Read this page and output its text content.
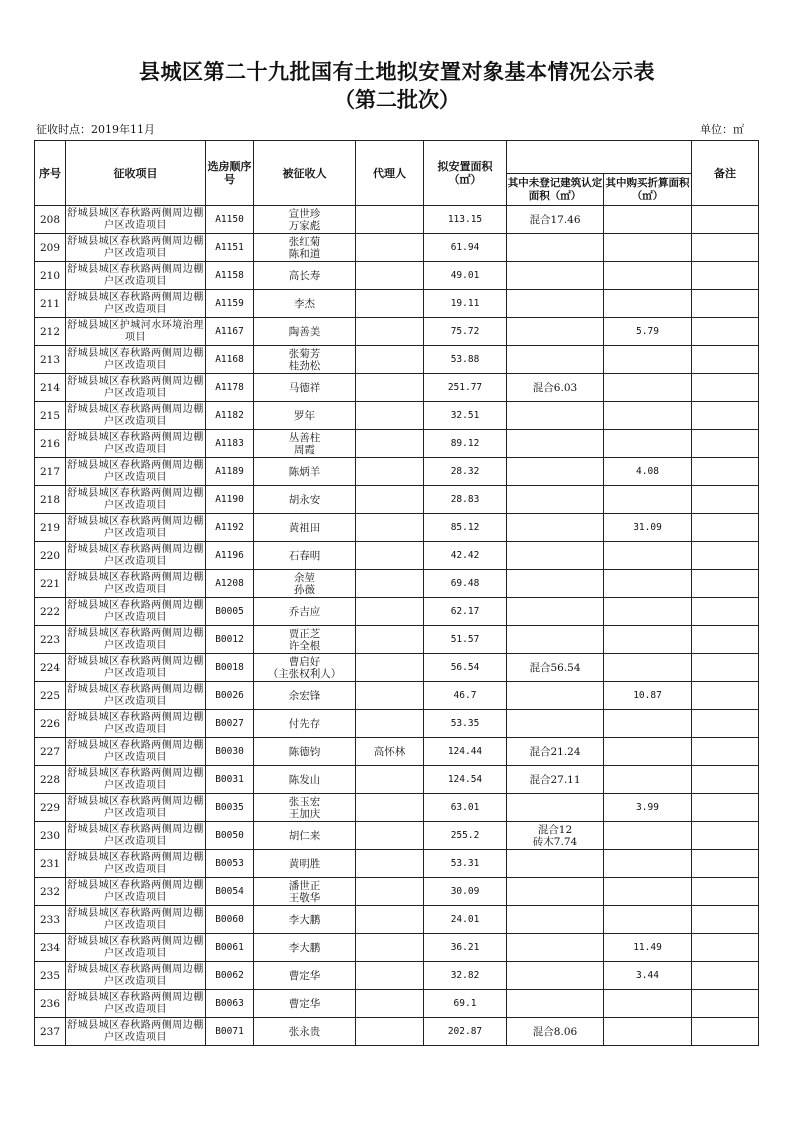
县城区第二十九批国有土地拟安置对象基本情况公示表
（第二批次）
征收时点：2019年11月	单位：㎡
序号	征收项目	选房顺序号	被征收人	代理人	拟安置面积（㎡）			备注
						其中未登记建筑认定面积（㎡）	其中购买折算面积（㎡）	
208	舒城县城区春秋路两侧周边棚户区改造项目	A1150	宣世珍
万家彪		113.15	混合17.46		
209	舒城县城区春秋路两侧周边棚户区改造项目	A1151	张红菊
陈和道		61.94			
210	舒城县城区春秋路两侧周边棚户区改造项目	A1158	高长寿		49.01			
211	舒城县城区春秋路两侧周边棚户区改造项目	A1159	李杰		19.11			
212	舒城县城区护城河水环境治理项目	A1167	陶善美		75.72		5.79	
213	舒城县城区春秋路两侧周边棚户区改造项目	A1168	张菊芳
桂劲松		53.88			
214	舒城县城区春秋路两侧周边棚户区改造项目	A1178	马德祥		251.77	混合6.03		
215	舒城县城区春秋路两侧周边棚户区改造项目	A1182	罗年		32.51			
216	舒城县城区春秋路两侧周边棚户区改造项目	A1183	丛善柱
周霞		89.12			
217	舒城县城区春秋路两侧周边棚户区改造项目	A1189	陈炳羊		28.32		4.08	
218	舒城县城区春秋路两侧周边棚户区改造项目	A1190	胡永安		28.83			
219	舒城县城区春秋路两侧周边棚户区改造项目	A1192	黄祖田		85.12		31.09	
220	舒城县城区春秋路两侧周边棚户区改造项目	A1196	石春明		42.42			
221	舒城县城区春秋路两侧周边棚户区改造项目	A1208	余堃
孙薇		69.48			
222	舒城县城区春秋路两侧周边棚户区改造项目	B0005	乔吉应		62.17			
223	舒城县城区春秋路两侧周边棚户区改造项目	B0012	贾正芝
许全根		51.57			
224	舒城县城区春秋路两侧周边棚户区改造项目	B0018	曹启好
（主张权利人）		56.54	混合56.54		
225	舒城县城区春秋路两侧周边棚户区改造项目	B0026	余宏锋		46.7		10.87	
226	舒城县城区春秋路两侧周边棚户区改造项目	B0027	付先存		53.35			
227	舒城县城区春秋路两侧周边棚户区改造项目	B0030	陈德钧	高怀林	124.44	混合21.24		
228	舒城县城区春秋路两侧周边棚户区改造项目	B0031	陈发山		124.54	混合27.11		
229	舒城县城区春秋路两侧周边棚户区改造项目	B0035	张玉宏
王加庆		63.01		3.99	
230	舒城县城区春秋路两侧周边棚户区改造项目	B0050	胡仁来		255.2	混合12
砖木7.74		
231	舒城县城区春秋路两侧周边棚户区改造项目	B0053	黄明胜		53.31			
232	舒城县城区春秋路两侧周边棚户区改造项目	B0054	潘世正
王敬华		30.09			
233	舒城县城区春秋路两侧周边棚户区改造项目	B0060	李大鹏		24.01			
234	舒城县城区春秋路两侧周边棚户区改造项目	B0061	李大鹏		36.21		11.49	
235	舒城县城区春秋路两侧周边棚户区改造项目	B0062	曹定华		32.82		3.44	
236	舒城县城区春秋路两侧周边棚户区改造项目	B0063	曹定华		69.1			
237	舒城县城区春秋路两侧周边棚户区改造项目	B0071	张永贵		202.87	混合8.06		
